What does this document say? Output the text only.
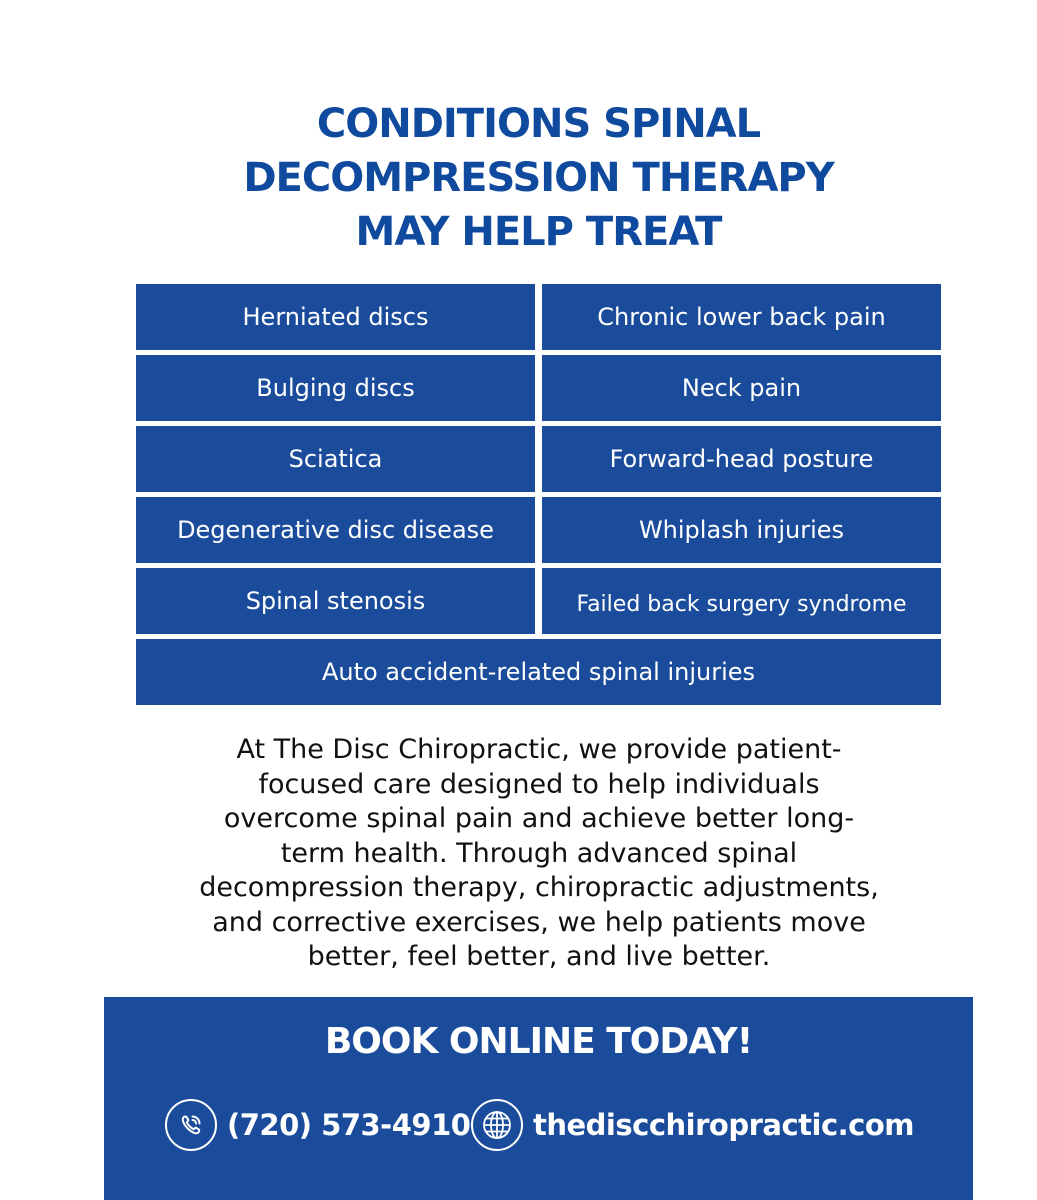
CONDITIONS SPINAL
DECOMPRESSION THERAPY
MAY HELP TREAT
Herniated discs	Chronic lower back pain
Bulging discs	Neck pain
Sciatica	Forward-head posture
Degenerative disc disease	Whiplash injuries
Spinal stenosis	Failed back surgery syndrome
Auto accident-related spinal injuries
At The Disc Chiropractic, we provide patient-
focused care designed to help individuals
overcome spinal pain and achieve better long-
term health. Through advanced spinal
decompression therapy, chiropractic adjustments,
and corrective exercises, we help patients move
better, feel better, and live better.
BOOK ONLINE TODAY!
(720) 573-4910 thediscchiropractic.com
